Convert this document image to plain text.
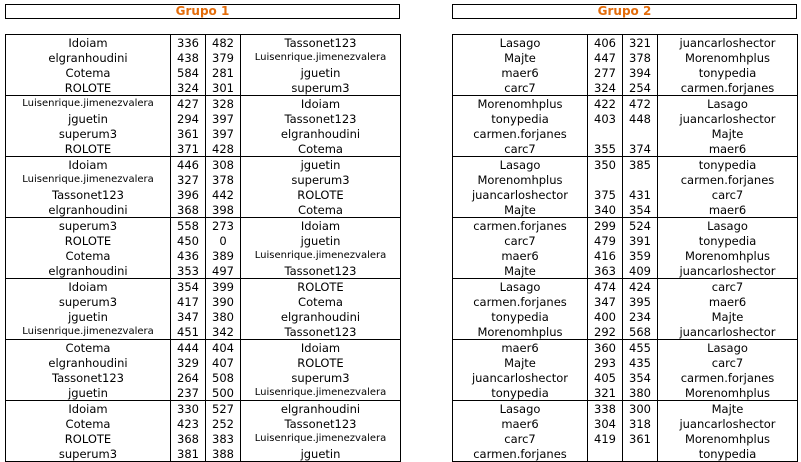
Grupo 1	Grupo 2
Idoiam	336	482	Tassonet123
elgranhoudini	438	379	Luisenrique.jimenezvalera
Cotema	584	281	jguetin
ROLOTE	324	301	superum3
Luisenrique.jimenezvalera	427	328	Idoiam
jguetin	294	397	Tassonet123
superum3	361	397	elgranhoudini
ROLOTE	371	428	Cotema
Idoiam	446	308	jguetin
Luisenrique.jimenezvalera	327	378	superum3
Tassonet123	396	442	ROLOTE
elgranhoudini	368	398	Cotema
superum3	558	273	Idoiam
ROLOTE	450	0	jguetin
Cotema	436	389	Luisenrique.jimenezvalera
elgranhoudini	353	497	Tassonet123
Idoiam	354	399	ROLOTE
superum3	417	390	Cotema
jguetin	347	380	elgranhoudini
Luisenrique.jimenezvalera	451	342	Tassonet123
Cotema	444	404	Idoiam
elgranhoudini	329	407	ROLOTE
Tassonet123	264	508	superum3
jguetin	237	500	Luisenrique.jimenezvalera
Idoiam	330	527	elgranhoudini
Cotema	423	252	Tassonet123
ROLOTE	368	383	Luisenrique.jimenezvalera
superum3	381	388	jguetin
Lasago	406	321	juancarloshector
Majte	447	378	Morenomhplus
maer6	277	394	tonypedia
carc7	324	254	carmen.forjanes
Morenomhplus	422	472	Lasago
tonypedia	403	448	juancarloshector
carmen.forjanes			Majte
carc7	355	374	maer6
Lasago	350	385	tonypedia
Morenomhplus			carmen.forjanes
juancarloshector	375	431	carc7
Majte	340	354	maer6
carmen.forjanes	299	524	Lasago
carc7	479	391	tonypedia
maer6	416	359	Morenomhplus
Majte	363	409	juancarloshector
Lasago	474	424	carc7
carmen.forjanes	347	395	maer6
tonypedia	400	234	Majte
Morenomhplus	292	568	juancarloshector
maer6	360	455	Lasago
Majte	293	435	carc7
juancarloshector	405	354	carmen.forjanes
tonypedia	321	380	Morenomhplus
Lasago	338	300	Majte
maer6	304	318	juancarloshector
carc7	419	361	Morenomhplus
carmen.forjanes			tonypedia
